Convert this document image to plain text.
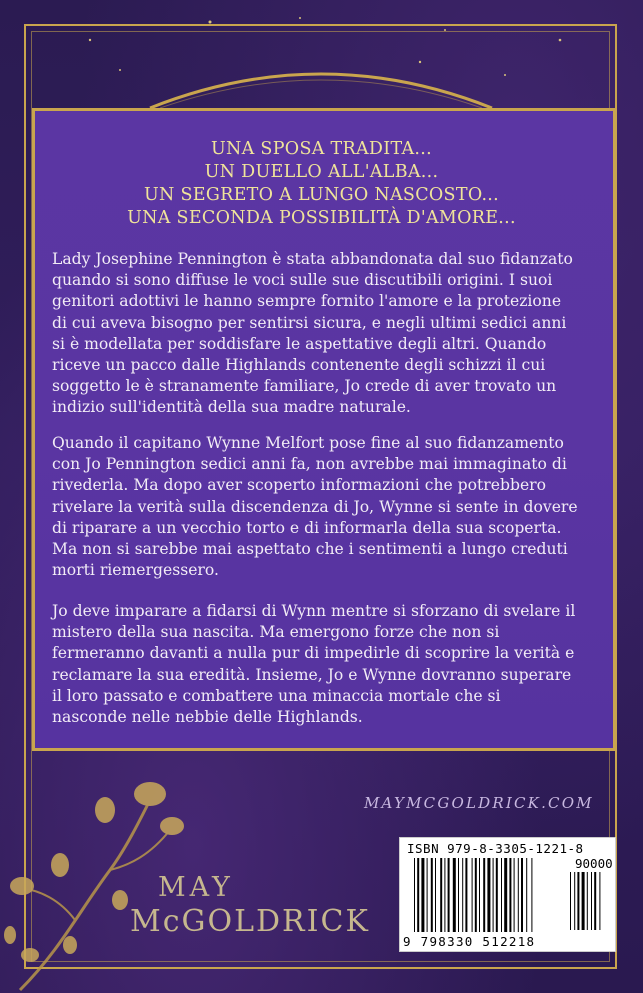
UNA SPOSA TRADITA...
UN DUELLO ALL'ALBA...
UN SEGRETO A LUNGO NASCOSTO...
UNA SECONDA POSSIBILITÀ D'AMORE...
Lady Josephine Pennington è stata abbandonata dal suo fidanzato
quando si sono diffuse le voci sulle sue discutibili origini. I suoi
genitori adottivi le hanno sempre fornito l'amore e la protezione
di cui aveva bisogno per sentirsi sicura, e negli ultimi sedici anni
si è modellata per soddisfare le aspettative degli altri. Quando
riceve un pacco dalle Highlands contenente degli schizzi il cui
soggetto le è stranamente familiare, Jo crede di aver trovato un
indizio sull'identità della sua madre naturale.
Quando il capitano Wynne Melfort pose fine al suo fidanzamento
con Jo Pennington sedici anni fa, non avrebbe mai immaginato di
rivederla. Ma dopo aver scoperto informazioni che potrebbero
rivelare la verità sulla discendenza di Jo, Wynne si sente in dovere
di riparare a un vecchio torto e di informarla della sua scoperta.
Ma non si sarebbe mai aspettato che i sentimenti a lungo creduti
morti riemergessero.
Jo deve imparare a fidarsi di Wynn mentre si sforzano di svelare il
mistero della sua nascita. Ma emergono forze che non si
fermeranno davanti a nulla pur di impedirle di scoprire la verità e
reclamare la sua eredità. Insieme, Jo e Wynne dovranno superare
il loro passato e combattere una minaccia mortale che si
nasconde nelle nebbie delle Highlands.
MAYMCGOLDRICK.COM
MAY
McGOLDRICK
ISBN 979-8-3305-1221-8
90000
9 798330 512218
